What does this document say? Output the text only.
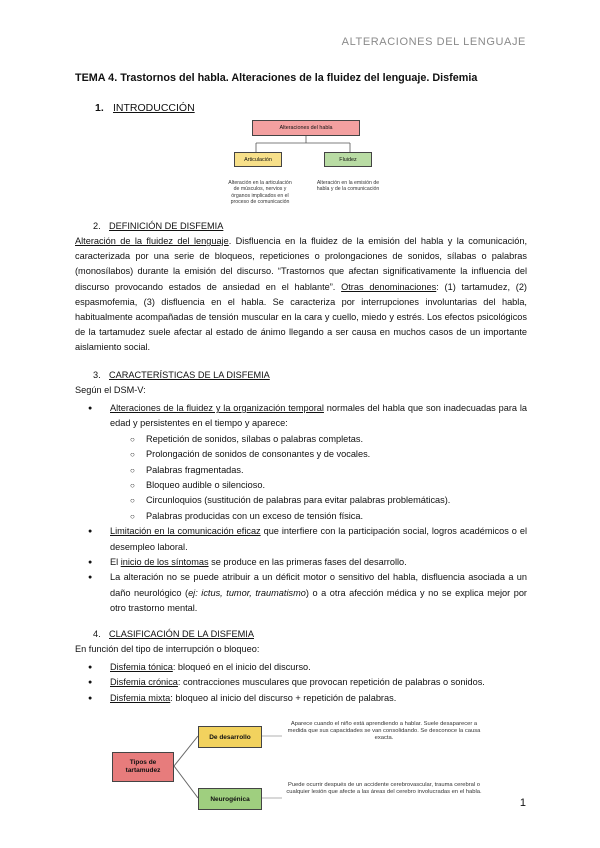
ALTERACIONES DEL LENGUAJE
TEMA 4. Trastornos del habla. Alteraciones de la fluidez del lenguaje. Disfemia
1. INTRODUCCIÓN
Alteraciones del habla
Articulación	Fluidez
Alteración en la articulación de músculos, nervios y órganos implicados en el proceso de comunicación
Alteración en la emisión de habla y de la comunicación
2. DEFINICIÓN DE DISFEMIA

Alteración de la fluidez del lenguaje. Disfluencia en la fluidez de la emisión del habla y la comunicación, caracterizada por una serie de bloqueos, repeticiones o prolongaciones de sonidos, sílabas o palabras (monosílabos) durante la emisión del discurso. “Trastornos que afectan significativamente la influencia del discurso provocando estados de ansiedad en el hablante”. Otras denominaciones: (1) tartamudez, (2) espasmofemia, (3) disfluencia en el habla. Se caracteriza por interrupciones involuntarias del habla, habitualmente acompañadas de tensión muscular en la cara y cuello, miedo y estrés. Los efectos psicológicos de la tartamudez suele afectar al estado de ánimo llegando a ser causa en muchos casos de un importante aislamiento social.

3. CARACTERÍSTICAS DE LA DISFEMIA
Según el DSM-V:
● Alteraciones de la fluidez y la organización temporal normales del habla que son inadecuadas para la edad y persistentes en el tiempo y aparece:
○ Repetición de sonidos, sílabas o palabras completas.
○ Prolongación de sonidos de consonantes y de vocales.
○ Palabras fragmentadas.
○ Bloqueo audible o silencioso.
○ Circunloquios (sustitución de palabras para evitar palabras problemáticas).
○ Palabras producidas con un exceso de tensión física.
● Limitación en la comunicación eficaz que interfiere con la participación social, logros académicos o el desempleo laboral.
● El inicio de los síntomas se produce en las primeras fases del desarrollo.
● La alteración no se puede atribuir a un déficit motor o sensitivo del habla, disfluencia asociada a un daño neurológico (ej: ictus, tumor, traumatismo) o a otra afección médica y no se explica mejor por otro trastorno mental.
4. CLASIFICACIÓN DE LA DISFEMIA
En función del tipo de interrupción o bloqueo:
● Disfemia tónica: bloqueó en el inicio del discurso.
● Disfemia crónica: contracciones musculares que provocan repetición de palabras o sonidos.
● Disfemia mixta: bloqueo al inicio del discurso + repetición de palabras.
Tipos de tartamudez
De desarrollo
Neurogénica
Aparece cuando el niño está aprendiendo a hablar. Suele desaparecer a medida que sus capacidades se van consolidando. Se desconoce la causa exacta.
Puede ocurrir después de un accidente cerebrovascular, trauma cerebral o cualquier lesión que afecte a las áreas del cerebro involucradas en el habla.
1
